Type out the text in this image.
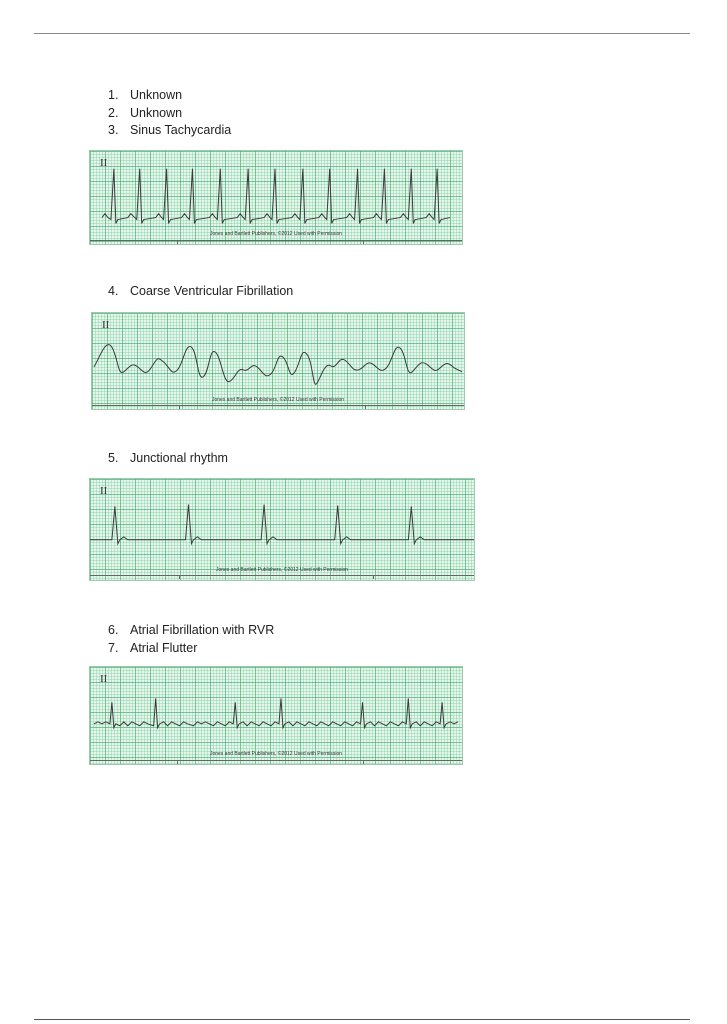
1. Unknown
2. Unknown
3. Sinus Tachycardia
II
Jones and Bartlett Publishers, ©2012 Used with Permission
4. Coarse Ventricular Fibrillation
II
Jones and Bartlett Publishers, ©2012 Used with Permission
5. Junctional rhythm
II
Jones and Bartlett Publishers, ©2012 Used with Permission
6. Atrial Fibrillation with RVR
7. Atrial Flutter
II
Jones and Bartlett Publishers, ©2012 Used with Permission
